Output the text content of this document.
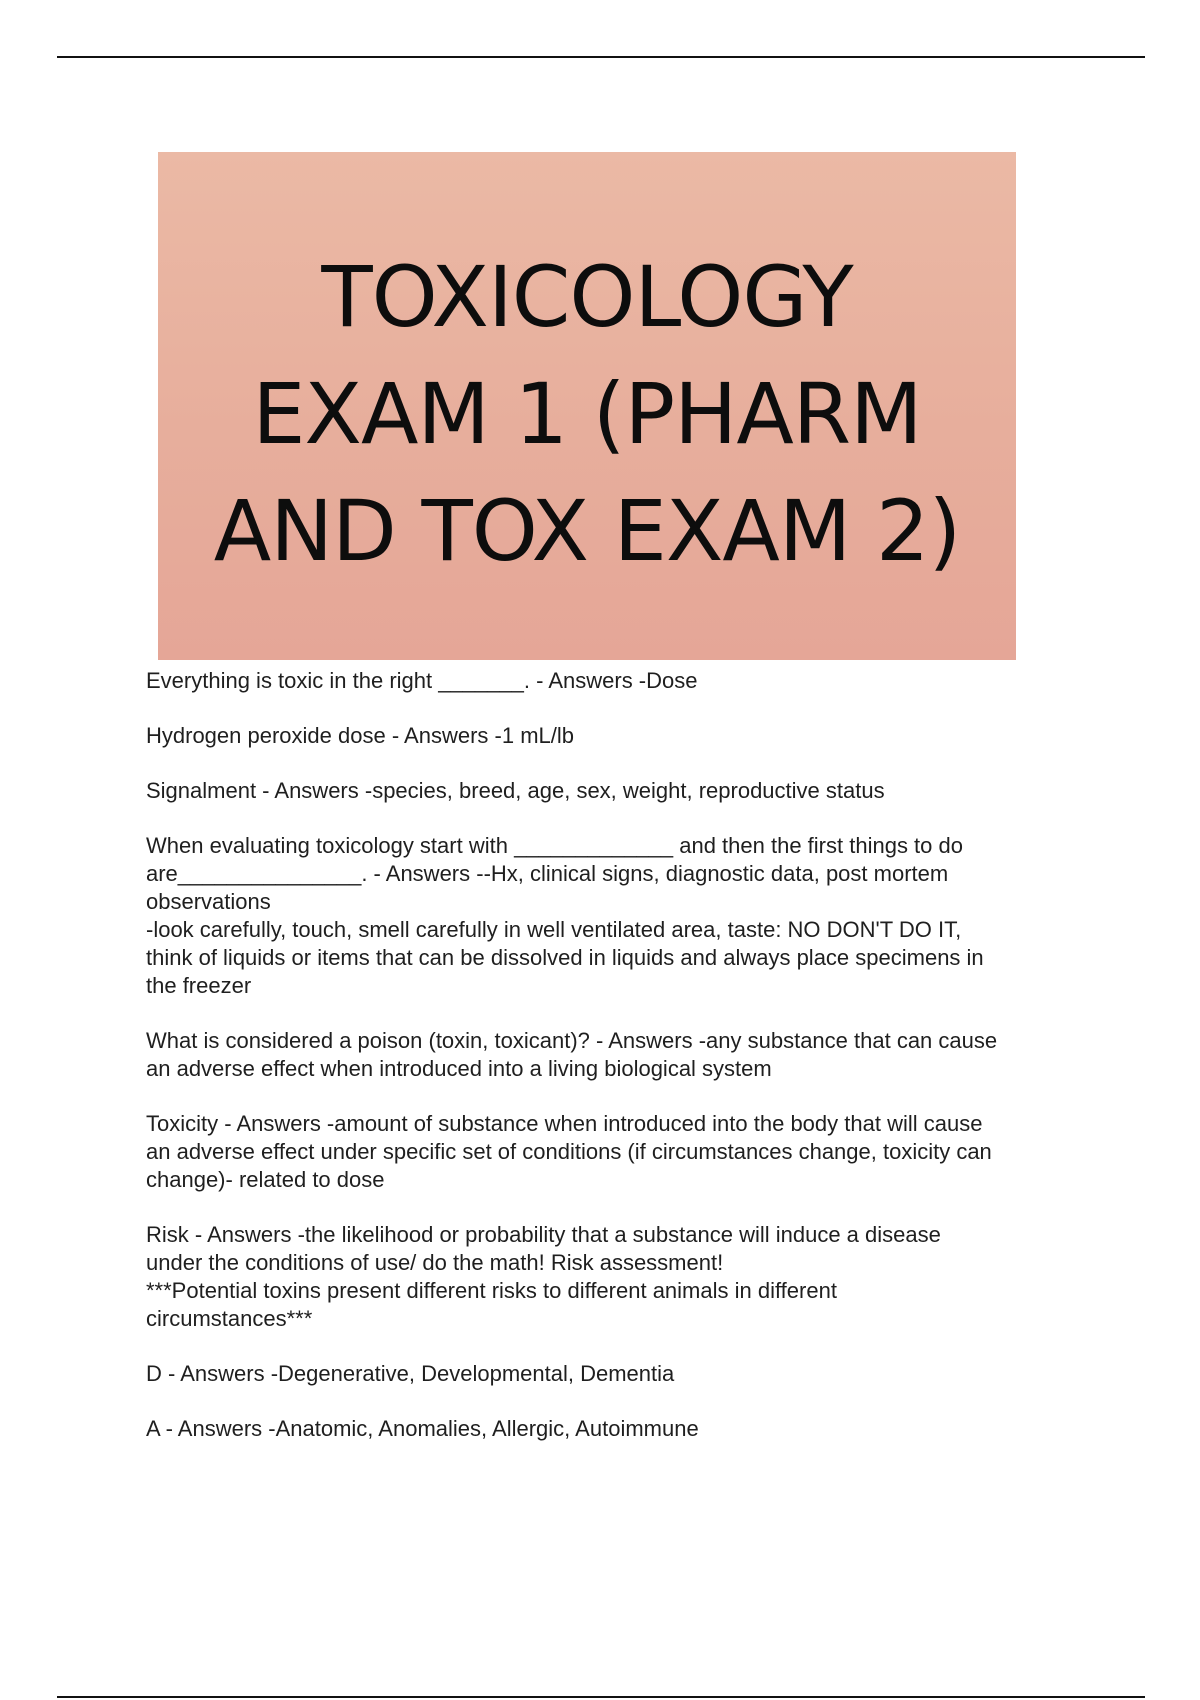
TOXICOLOGY
EXAM 1 (PHARM
AND TOX EXAM 2)

Everything is toxic in the right _______. - Answers -Dose

Hydrogen peroxide dose - Answers -1 mL/lb

Signalment - Answers -species, breed, age, sex, weight, reproductive status

When evaluating toxicology start with _____________ and then the first things to do
are_______________. - Answers --Hx, clinical signs, diagnostic data, post mortem
observations
-look carefully, touch, smell carefully in well ventilated area, taste: NO DON'T DO IT,
think of liquids or items that can be dissolved in liquids and always place specimens in
the freezer

What is considered a poison (toxin, toxicant)? - Answers -any substance that can cause
an adverse effect when introduced into a living biological system

Toxicity - Answers -amount of substance when introduced into the body that will cause
an adverse effect under specific set of conditions (if circumstances change, toxicity can
change)- related to dose

Risk - Answers -the likelihood or probability that a substance will induce a disease
under the conditions of use/ do the math! Risk assessment!
***Potential toxins present different risks to different animals in different
circumstances***

D - Answers -Degenerative, Developmental, Dementia

A - Answers -Anatomic, Anomalies, Allergic, Autoimmune
